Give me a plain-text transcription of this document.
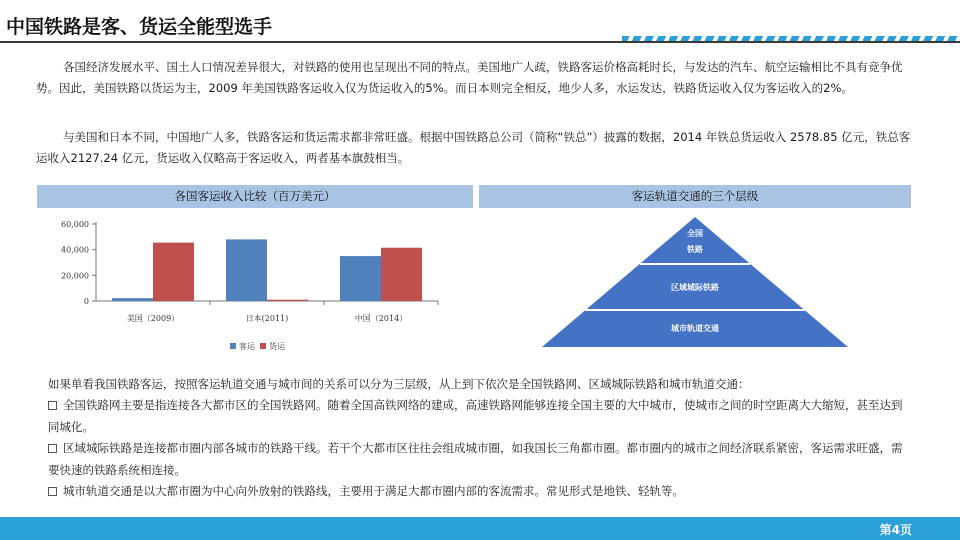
中国铁路是客、货运全能型选手
各国经济发展水平、国土人口情况差异很大，对铁路的使用也呈现出不同的特点。美国地广人疏，铁路客运价格高耗时长，与发达的汽车、航空运输相比不具有竞争优势。因此，美国铁路以货运为主，2009 年美国铁路客运收入仅为货运收入的5%。而日本则完全相反，地少人多，水运发达，铁路货运收入仅为客运收入的2%。
与美国和日本不同，中国地广人多，铁路客运和货运需求都非常旺盛。根据中国铁路总公司（简称“铁总”）披露的数据，2014 年铁总货运收入 2578.85 亿元，铁总客运收入2127.24 亿元，货运收入仅略高于客运收入，两者基本旗鼓相当。
各国客运收入比较（百万美元）	客运轨道交通的三个层级
0
20,000
40,000
60,000
美国（2009）	日本(2011)	中国（2014）
客运 货运
全国
铁路
区域城际铁路
城市轨道交通
如果单看我国铁路客运，按照客运轨道交通与城市间的关系可以分为三层级，从上到下依次是全国铁路网、区域城际铁路和城市轨道交通：

全国铁路网主要是指连接各大都市区的全国铁路网。随着全国高铁网络的建成，高速铁路网能够连接全国主要的大中城市，使城市之间的时空距离大大缩短，甚至达到同城化。

区域城际铁路是连接都市圈内部各城市的铁路干线。若干个大都市区往往会组成城市圈，如我国长三角都市圈。都市圈内的城市之间经济联系紧密，客运需求旺盛，需要快速的铁路系统相连接。

城市轨道交通是以大都市圈为中心向外放射的铁路线，主要用于满足大都市圈内部的客流需求。常见形式是地铁、轻轨等。

第4页
